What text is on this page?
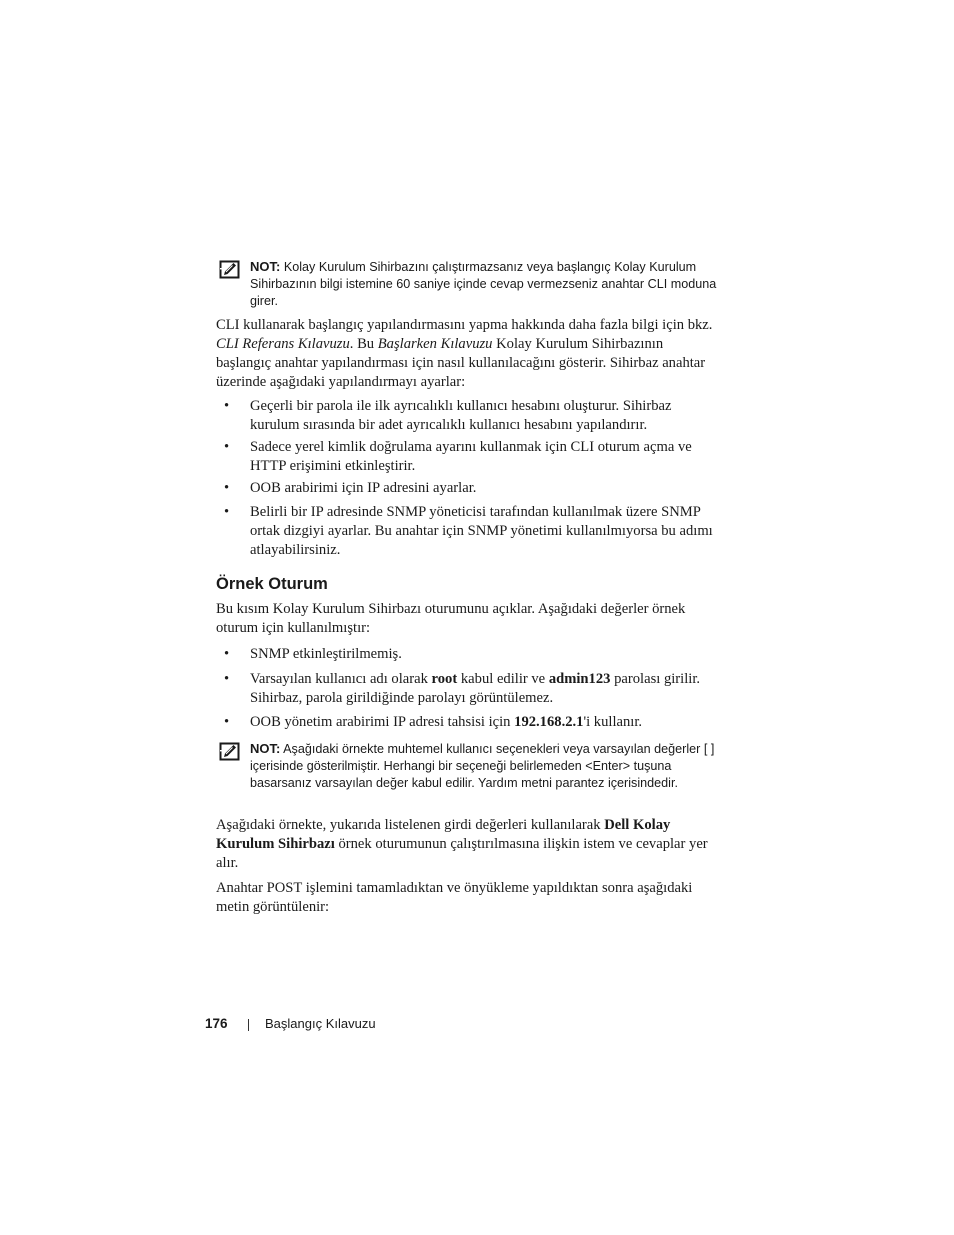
NOT: Kolay Kurulum Sihirbazını çalıştırmazsanız veya başlangıç Kolay Kurulum Sihirbazının bilgi istemine 60 saniye içinde cevap vermezseniz anahtar CLI moduna girer.

CLI kullanarak başlangıç yapılandırmasını yapma hakkında daha fazla bilgi için bkz. CLI Referans Kılavuzu. Bu Başlarken Kılavuzu Kolay Kurulum Sihirbazının başlangıç anahtar yapılandırması için nasıl kullanılacağını gösterir. Sihirbaz anahtar üzerinde aşağıdaki yapılandırmayı ayarlar:

• Geçerli bir parola ile ilk ayrıcalıklı kullanıcı hesabını oluşturur. Sihirbaz kurulum sırasında bir adet ayrıcalıklı kullanıcı hesabını yapılandırır.
• Sadece yerel kimlik doğrulama ayarını kullanmak için CLI oturum açma ve HTTP erişimini etkinleştirir.
• OOB arabirimi için IP adresini ayarlar.
• Belirli bir IP adresinde SNMP yöneticisi tarafından kullanılmak üzere SNMP ortak dizgiyi ayarlar. Bu anahtar için SNMP yönetimi kullanılmıyorsa bu adımı atlayabilirsiniz.
Örnek Oturum

Bu kısım Kolay Kurulum Sihirbazı oturumunu açıklar. Aşağıdaki değerler örnek oturum için kullanılmıştır:

• SNMP etkinleştirilmemiş.
• Varsayılan kullanıcı adı olarak root kabul edilir ve admin123 parolası girilir. Sihirbaz, parola girildiğinde parolayı görüntülemez.
• OOB yönetim arabirimi IP adresi tahsisi için 192.168.2.1'i kullanır.
NOT: Aşağıdaki örnekte muhtemel kullanıcı seçenekleri veya varsayılan değerler [ ] içerisinde gösterilmiştir. Herhangi bir seçeneği belirlemeden <Enter> tuşuna basarsanız varsayılan değer kabul edilir. Yardım metni parantez içerisindedir.

Aşağıdaki örnekte, yukarıda listelenen girdi değerleri kullanılarak Dell Kolay Kurulum Sihirbazı örnek oturumunun çalıştırılmasına ilişkin istem ve cevaplar yer alır.

Anahtar POST işlemini tamamladıktan ve önyükleme yapıldıktan sonra aşağıdaki metin görüntülenir:

176	Başlangıç Kılavuzu
